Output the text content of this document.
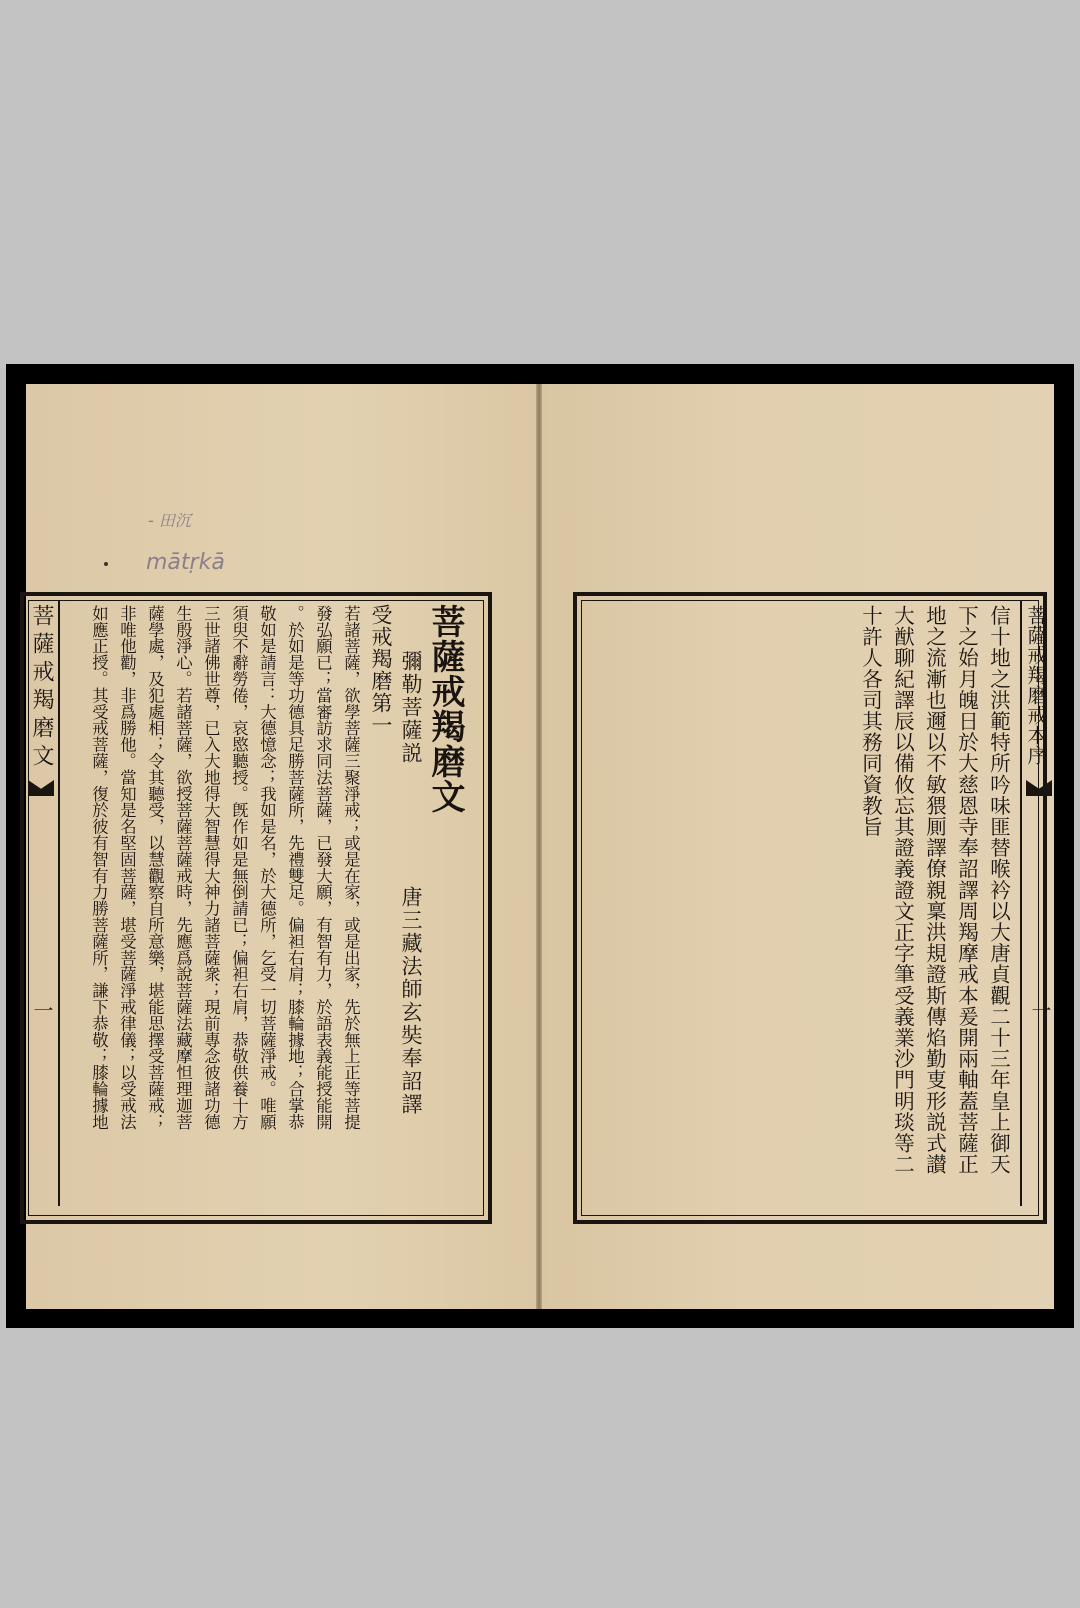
菩薩戒羯磨戒本序
一
信十地之洪範特所吟味匪替喉衿以大唐貞觀二十三年皇上御天
下之始月魄日於大慈恩寺奉詔譯周羯摩戒本爰開兩軸蓋菩薩正
地之流漸也邇以不敏猥厠譯僚親稟洪規證斯傳焰勤叓形説式讃
大猷聊紀譯辰以備攸忘其證義證文正字筆受義業沙門明琰等二
十許人各司其務同資教旨
- 田沉
mātṛkā
菩薩戒羯磨文
一
菩薩戒羯磨文
彌勒菩薩説
唐三藏法師玄奘奉詔譯
受戒羯磨第一
若諸菩薩，欲學菩薩三聚淨戒；或是在家，或是出家，先於無上正等菩提
發弘願已；當審訪求同法菩薩，已發大願，有智有力，於語表義能授能開
。於如是等功德具足勝菩薩所，先禮雙足。偏袒右肩；膝輪據地；合掌恭
敬如是請言：大德憶念；我如是名，於大德所，乞受一切菩薩淨戒。唯願
須臾不辭勞倦，哀愍聽授。旣作如是無倒請已；偏袒右肩，恭敬供養十方
三世諸佛世尊，已入大地得大智慧得大神力諸菩薩衆；現前專念彼諸功德
生殷淨心。若諸菩薩，欲授菩薩菩薩戒時，先應爲說菩薩法藏摩怛理迦菩
薩學處，及犯處相；令其聽受，以慧觀察自所意樂，堪能思擇受菩薩戒；
非唯他勸，非爲勝他。當知是名堅固菩薩，堪受菩薩淨戒律儀；以受戒法
如應正授。其受戒菩薩，復於彼有智有力勝菩薩所，謙下恭敬；膝輪據地
